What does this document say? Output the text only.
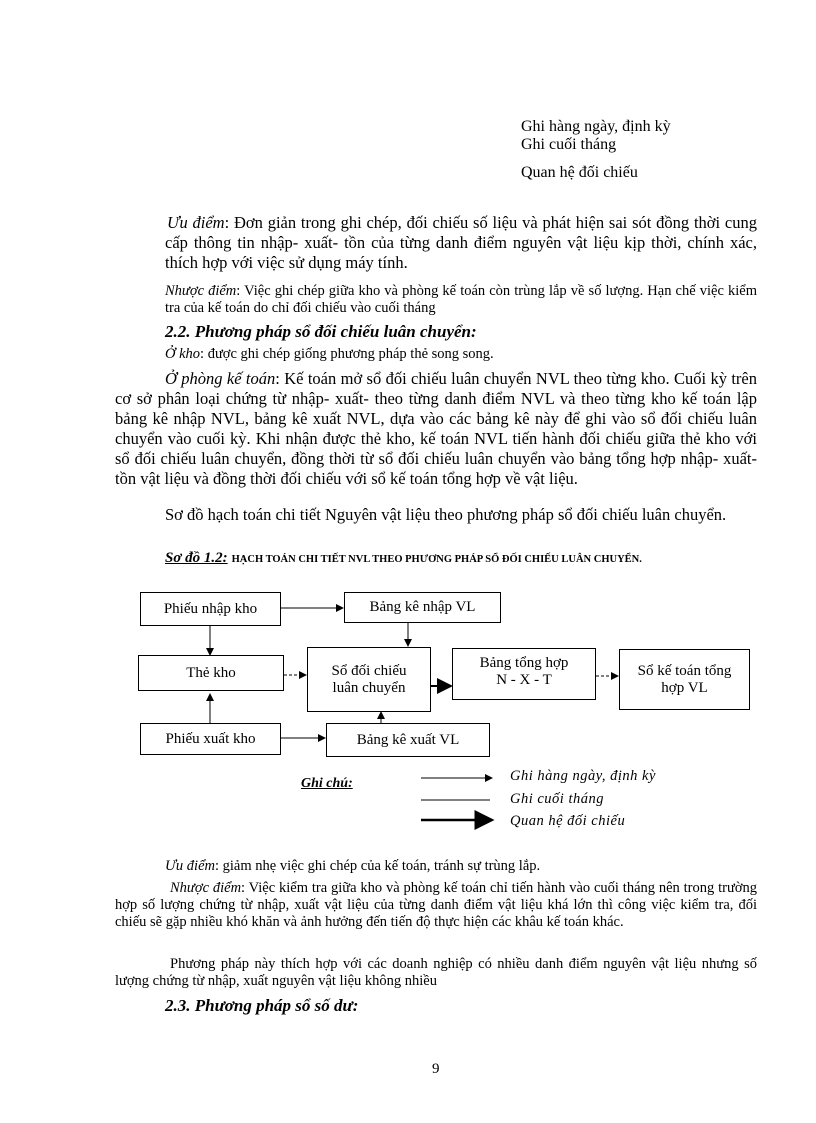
Ghi hàng ngày, định kỳ
Ghi cuối tháng
Quan hệ đối chiếu
Ưu điểm: Đơn giản trong ghi chép, đối chiếu số liệu và phát hiện sai sót đồng thời cung cấp thông tin nhập- xuất- tồn của từng danh điểm nguyên vật liệu kịp thời, chính xác, thích hợp với việc sử dụng máy tính.
Nhược điểm: Việc ghi chép giữa kho và phòng kế toán còn trùng lắp về số lượng. Hạn chế việc kiểm tra của kế toán do chỉ đối chiếu vào cuối tháng
2.2. Phương pháp sổ đối chiếu luân chuyển:
Ở kho: được ghi chép giống phương pháp thẻ song song.
Ở phòng kế toán: Kế toán mở sổ đối chiếu luân chuyển NVL theo từng kho. Cuối kỳ trên cơ sở phân loại chứng từ nhập- xuất- theo từng danh điểm NVL và theo từng kho kế toán lập bảng kê nhập NVL, bảng kê xuất NVL, dựa vào các bảng kê này để ghi vào sổ đối chiếu luân chuyển vào cuối kỳ. Khi nhận được thẻ kho, kế toán NVL tiến hành đối chiếu giữa thẻ kho với sổ đối chiếu luân chuyển, đồng thời từ sổ đối chiếu luân chuyển vào bảng tổng hợp nhập- xuất- tồn vật liệu và đồng thời đối chiếu với sổ kế toán tổng hợp về vật liệu.
Sơ đồ hạch toán chi tiết Nguyên vật liệu theo phương pháp sổ đối chiếu luân chuyển.
Sơ đồ 1.2: HẠCH TOÁN CHI TIẾT NVL THEO PHƯƠNG PHÁP SỔ ĐỐI CHIẾU LUÂN CHUYỂN.
Phiếu nhập kho	Bảng kê nhập VL
Thẻ kho	Sổ đối chiếu
luân chuyển
Bảng tổng hợp
N - X - T
Sổ kế toán tổng
hợp VL
Phiếu xuất kho	Bảng kê xuất VL
Ghi chú:	Ghi hàng ngày, định kỳ
Ghi cuối tháng
Quan hệ đối chiếu
Ưu điểm: giảm nhẹ việc ghi chép của kế toán, tránh sự trùng lắp.
Nhược điểm: Việc kiểm tra giữa kho và phòng kế toán chỉ tiến hành vào cuối tháng nên trong trường hợp số lượng chứng từ nhập, xuất vật liệu của từng danh điểm vật liệu khá lớn thì công việc kiểm tra, đối chiếu sẽ gặp nhiều khó khăn và ảnh hưởng đến tiến độ thực hiện các khâu kế toán khác.
Phương pháp này thích hợp với các doanh nghiệp có nhiều danh điểm nguyên vật liệu nhưng số lượng chứng từ nhập, xuất nguyên vật liệu không nhiều
2.3. Phương pháp sổ số dư:
9
